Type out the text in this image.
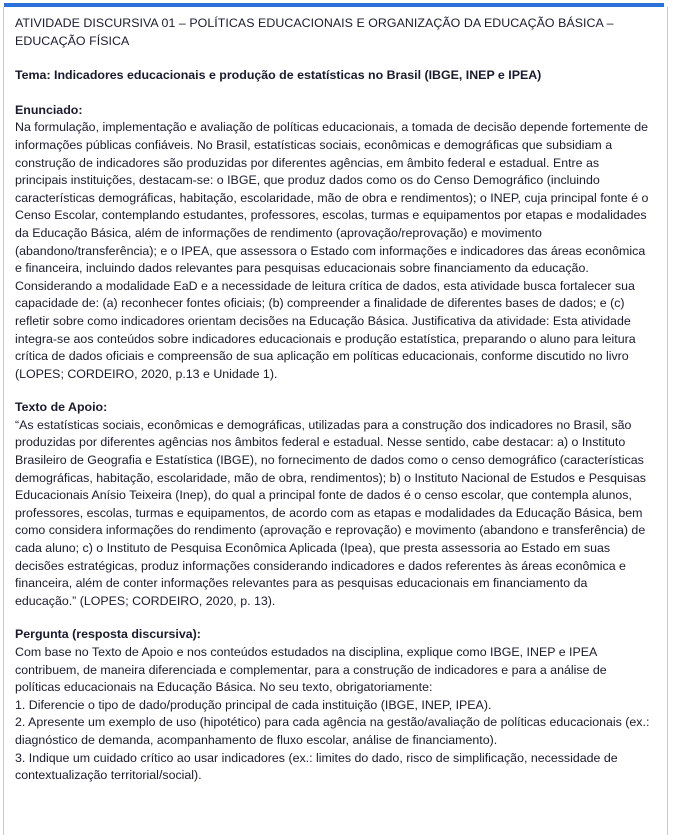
ATIVIDADE DISCURSIVA 01 – POLÍTICAS EDUCACIONAIS E ORGANIZAÇÃO DA EDUCAÇÃO BÁSICA – EDUCAÇÃO FÍSICA

Tema: Indicadores educacionais e produção de estatísticas no Brasil (IBGE, INEP e IPEA)

Enunciado:

Na formulação, implementação e avaliação de políticas educacionais, a tomada de decisão depende fortemente de informações públicas confiáveis. No Brasil, estatísticas sociais, econômicas e demográficas que subsidiam a construção de indicadores são produzidas por diferentes agências, em âmbito federal e estadual. Entre as principais instituições, destacam-se: o IBGE, que produz dados como os do Censo Demográfico (incluindo características demográficas, habitação, escolaridade, mão de obra e rendimentos); o INEP, cuja principal fonte é o Censo Escolar, contemplando estudantes, professores, escolas, turmas e equipamentos por etapas e modalidades da Educação Básica, além de informações de rendimento (aprovação/reprovação) e movimento (abandono/transferência); e o IPEA, que assessora o Estado com informações e indicadores das áreas econômica e financeira, incluindo dados relevantes para pesquisas educacionais sobre financiamento da educação.

Considerando a modalidade EaD e a necessidade de leitura crítica de dados, esta atividade busca fortalecer sua capacidade de: (a) reconhecer fontes oficiais; (b) compreender a finalidade de diferentes bases de dados; e (c) refletir sobre como indicadores orientam decisões na Educação Básica. Justificativa da atividade: Esta atividade integra-se aos conteúdos sobre indicadores educacionais e produção estatística, preparando o aluno para leitura crítica de dados oficiais e compreensão de sua aplicação em políticas educacionais, conforme discutido no livro (LOPES; CORDEIRO, 2020, p.13 e Unidade 1).

Texto de Apoio:

“As estatísticas sociais, econômicas e demográficas, utilizadas para a construção dos indicadores no Brasil, são produzidas por diferentes agências nos âmbitos federal e estadual. Nesse sentido, cabe destacar: a) o Instituto Brasileiro de Geografia e Estatística (IBGE), no fornecimento de dados como o censo demográfico (características demográficas, habitação, escolaridade, mão de obra, rendimentos); b) o Instituto Nacional de Estudos e Pesquisas Educacionais Anísio Teixeira (Inep), do qual a principal fonte de dados é o censo escolar, que contempla alunos, professores, escolas, turmas e equipamentos, de acordo com as etapas e modalidades da Educação Básica, bem como considera informações do rendimento (aprovação e reprovação) e movimento (abandono e transferência) de cada aluno; c) o Instituto de Pesquisa Econômica Aplicada (Ipea), que presta assessoria ao Estado em suas decisões estratégicas, produz informações considerando indicadores e dados referentes às áreas econômica e financeira, além de conter informações relevantes para as pesquisas educacionais em financiamento da educação.” (LOPES; CORDEIRO, 2020, p. 13).

Pergunta (resposta discursiva):

Com base no Texto de Apoio e nos conteúdos estudados na disciplina, explique como IBGE, INEP e IPEA contribuem, de maneira diferenciada e complementar, para a construção de indicadores e para a análise de políticas educacionais na Educação Básica. No seu texto, obrigatoriamente:

1. Diferencie o tipo de dado/produção principal de cada instituição (IBGE, INEP, IPEA).

2. Apresente um exemplo de uso (hipotético) para cada agência na gestão/avaliação de políticas educacionais (ex.: diagnóstico de demanda, acompanhamento de fluxo escolar, análise de financiamento).

3. Indique um cuidado crítico ao usar indicadores (ex.: limites do dado, risco de simplificação, necessidade de contextualização territorial/social).
